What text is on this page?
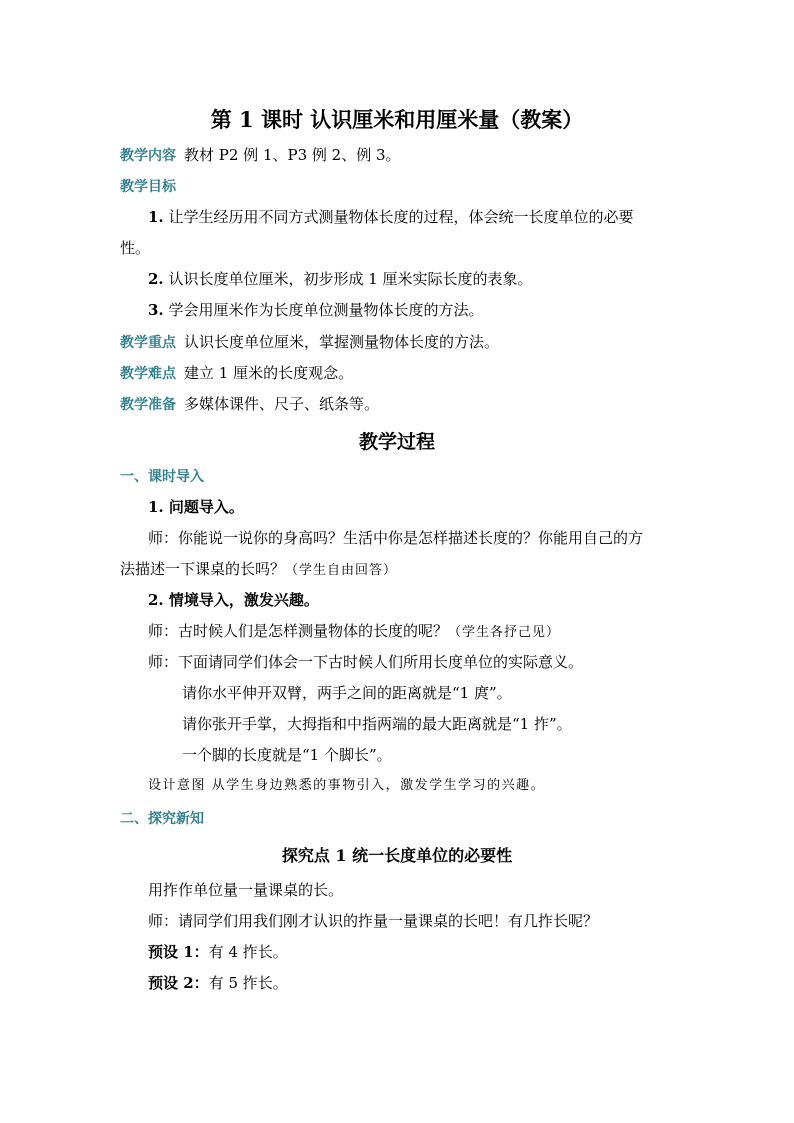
第 1 课时 认识厘米和用厘米量（教案）
教学内容 教材 P2 例 1、P3 例 2、例 3。
教学目标
1. 让学生经历用不同方式测量物体长度的过程，体会统一长度单位的必要
性。
2. 认识长度单位厘米，初步形成 1 厘米实际长度的表象。
3. 学会用厘米作为长度单位测量物体长度的方法。
教学重点 认识长度单位厘米，掌握测量物体长度的方法。
教学难点 建立 1 厘米的长度观念。
教学准备 多媒体课件、尺子、纸条等。
教学过程
一、课时导入
1. 问题导入。
师：你能说一说你的身高吗？生活中你是怎样描述长度的？你能用自己的方
法描述一下课桌的长吗？（学生自由回答）
2. 情境导入，激发兴趣。
师：古时候人们是怎样测量物体的长度的呢？（学生各抒己见）
师：下面请同学们体会一下古时候人们所用长度单位的实际意义。
请你水平伸开双臂，两手之间的距离就是“1 庹”。
请你张开手掌，大拇指和中指两端的最大距离就是“1 拃”。
一个脚的长度就是“1 个脚长”。
设计意图 从学生身边熟悉的事物引入，激发学生学习的兴趣。
二、探究新知
探究点 1 统一长度单位的必要性
用拃作单位量一量课桌的长。
师：请同学们用我们刚才认识的拃量一量课桌的长吧！有几拃长呢？
预设 1：有 4 拃长。
预设 2：有 5 拃长。
